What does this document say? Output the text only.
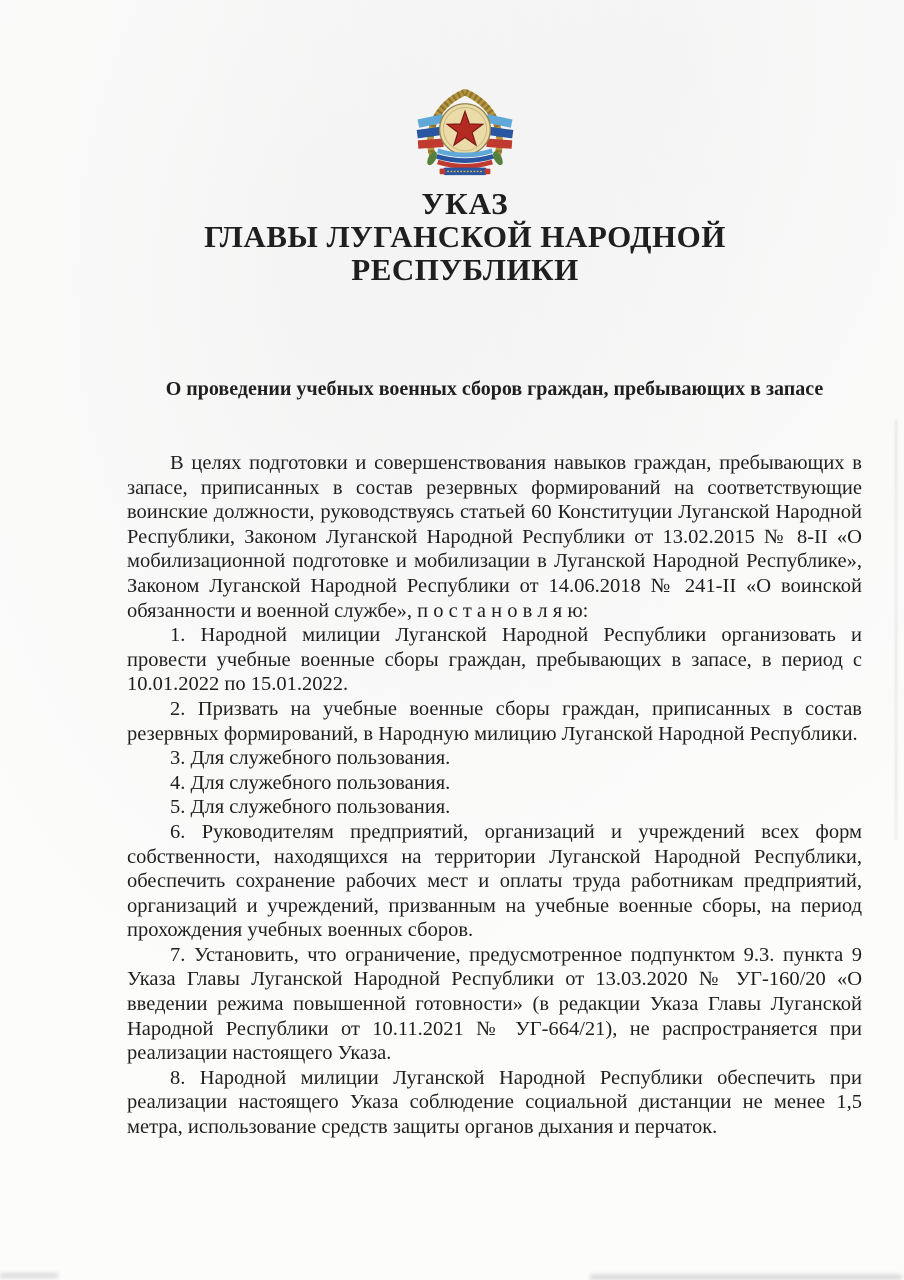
УКАЗ
ГЛАВЫ ЛУГАНСКОЙ НАРОДНОЙ РЕСПУБЛИКИ
О проведении учебных военных сборов граждан, пребывающих в запасе

В целях подготовки и совершенствования навыков граждан, пребывающих в запасе, приписанных в состав резервных формирований на соответствующие воинские должности, руководствуясь статьей 60 Конституции Луганской Народной Республики, Законом Луганской Народной Республики от 13.02.2015 № 8-II «О мобилизационной подготовке и мобилизации в Луганской Народной Республике», Законом Луганской Народной Республики от 14.06.2018 № 241-II «О воинской обязанности и военной службе», п о с т а н о в л я ю:

1. Народной милиции Луганской Народной Республики организовать и провести учебные военные сборы граждан, пребывающих в запасе, в период с 10.01.2022 по 15.01.2022.

2. Призвать на учебные военные сборы граждан, приписанных в состав резервных формирований, в Народную милицию Луганской Народной Республики.

3. Для служебного пользования.

4. Для служебного пользования.

5. Для служебного пользования.

6. Руководителям предприятий, организаций и учреждений всех форм собственности, находящихся на территории Луганской Народной Республики, обеспечить сохранение рабочих мест и оплаты труда работникам предприятий, организаций и учреждений, призванным на учебные военные сборы, на период прохождения учебных военных сборов.

7. Установить, что ограничение, предусмотренное подпунктом 9.3. пункта 9 Указа Главы Луганской Народной Республики от 13.03.2020 № УГ-160/20 «О введении режима повышенной готовности» (в редакции Указа Главы Луганской Народной Республики от 10.11.2021 № УГ-664/21), не распространяется при реализации настоящего Указа.

8. Народной милиции Луганской Народной Республики обеспечить при реализации настоящего Указа соблюдение социальной дистанции не менее 1,5 метра, использование средств защиты органов дыхания и перчаток.
